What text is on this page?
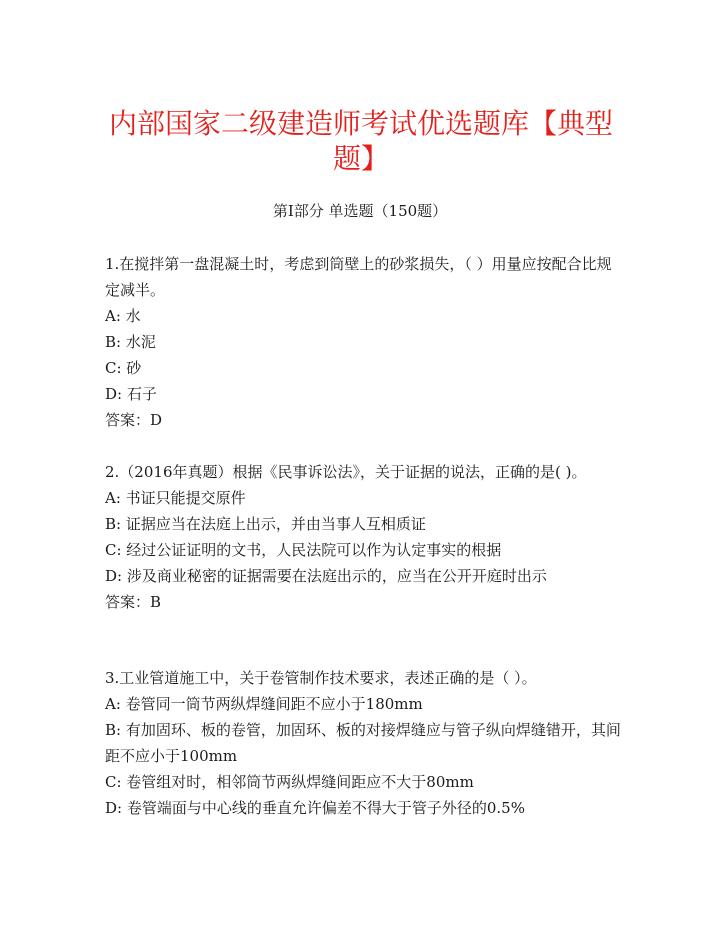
内部国家二级建造师考试优选题库【典型题】
第Ⅰ部分 单选题（150题）

1.在搅拌第一盘混凝土时，考虑到筒壁上的砂浆损失，（ ）用量应按配合比规定减半。

A: 水

B: 水泥

C: 砂

D: 石子

答案：D

2.（2016年真题）根据《民事诉讼法》，关于证据的说法，正确的是( )。

A: 书证只能提交原件

B: 证据应当在法庭上出示，并由当事人互相质证

C: 经过公证证明的文书，人民法院可以作为认定事实的根据

D: 涉及商业秘密的证据需要在法庭出示的，应当在公开开庭时出示

答案：B

3.工业管道施工中，关于卷管制作技术要求，表述正确的是（ ）。

A: 卷管同一筒节两纵焊缝间距不应小于180mm

B: 有加固环、板的卷管，加固环、板的对接焊缝应与管子纵向焊缝错开，其间距不应小于100mm

C: 卷管组对时，相邻筒节两纵焊缝间距应不大于80mm

D: 卷管端面与中心线的垂直允许偏差不得大于管子外径的0.5%
